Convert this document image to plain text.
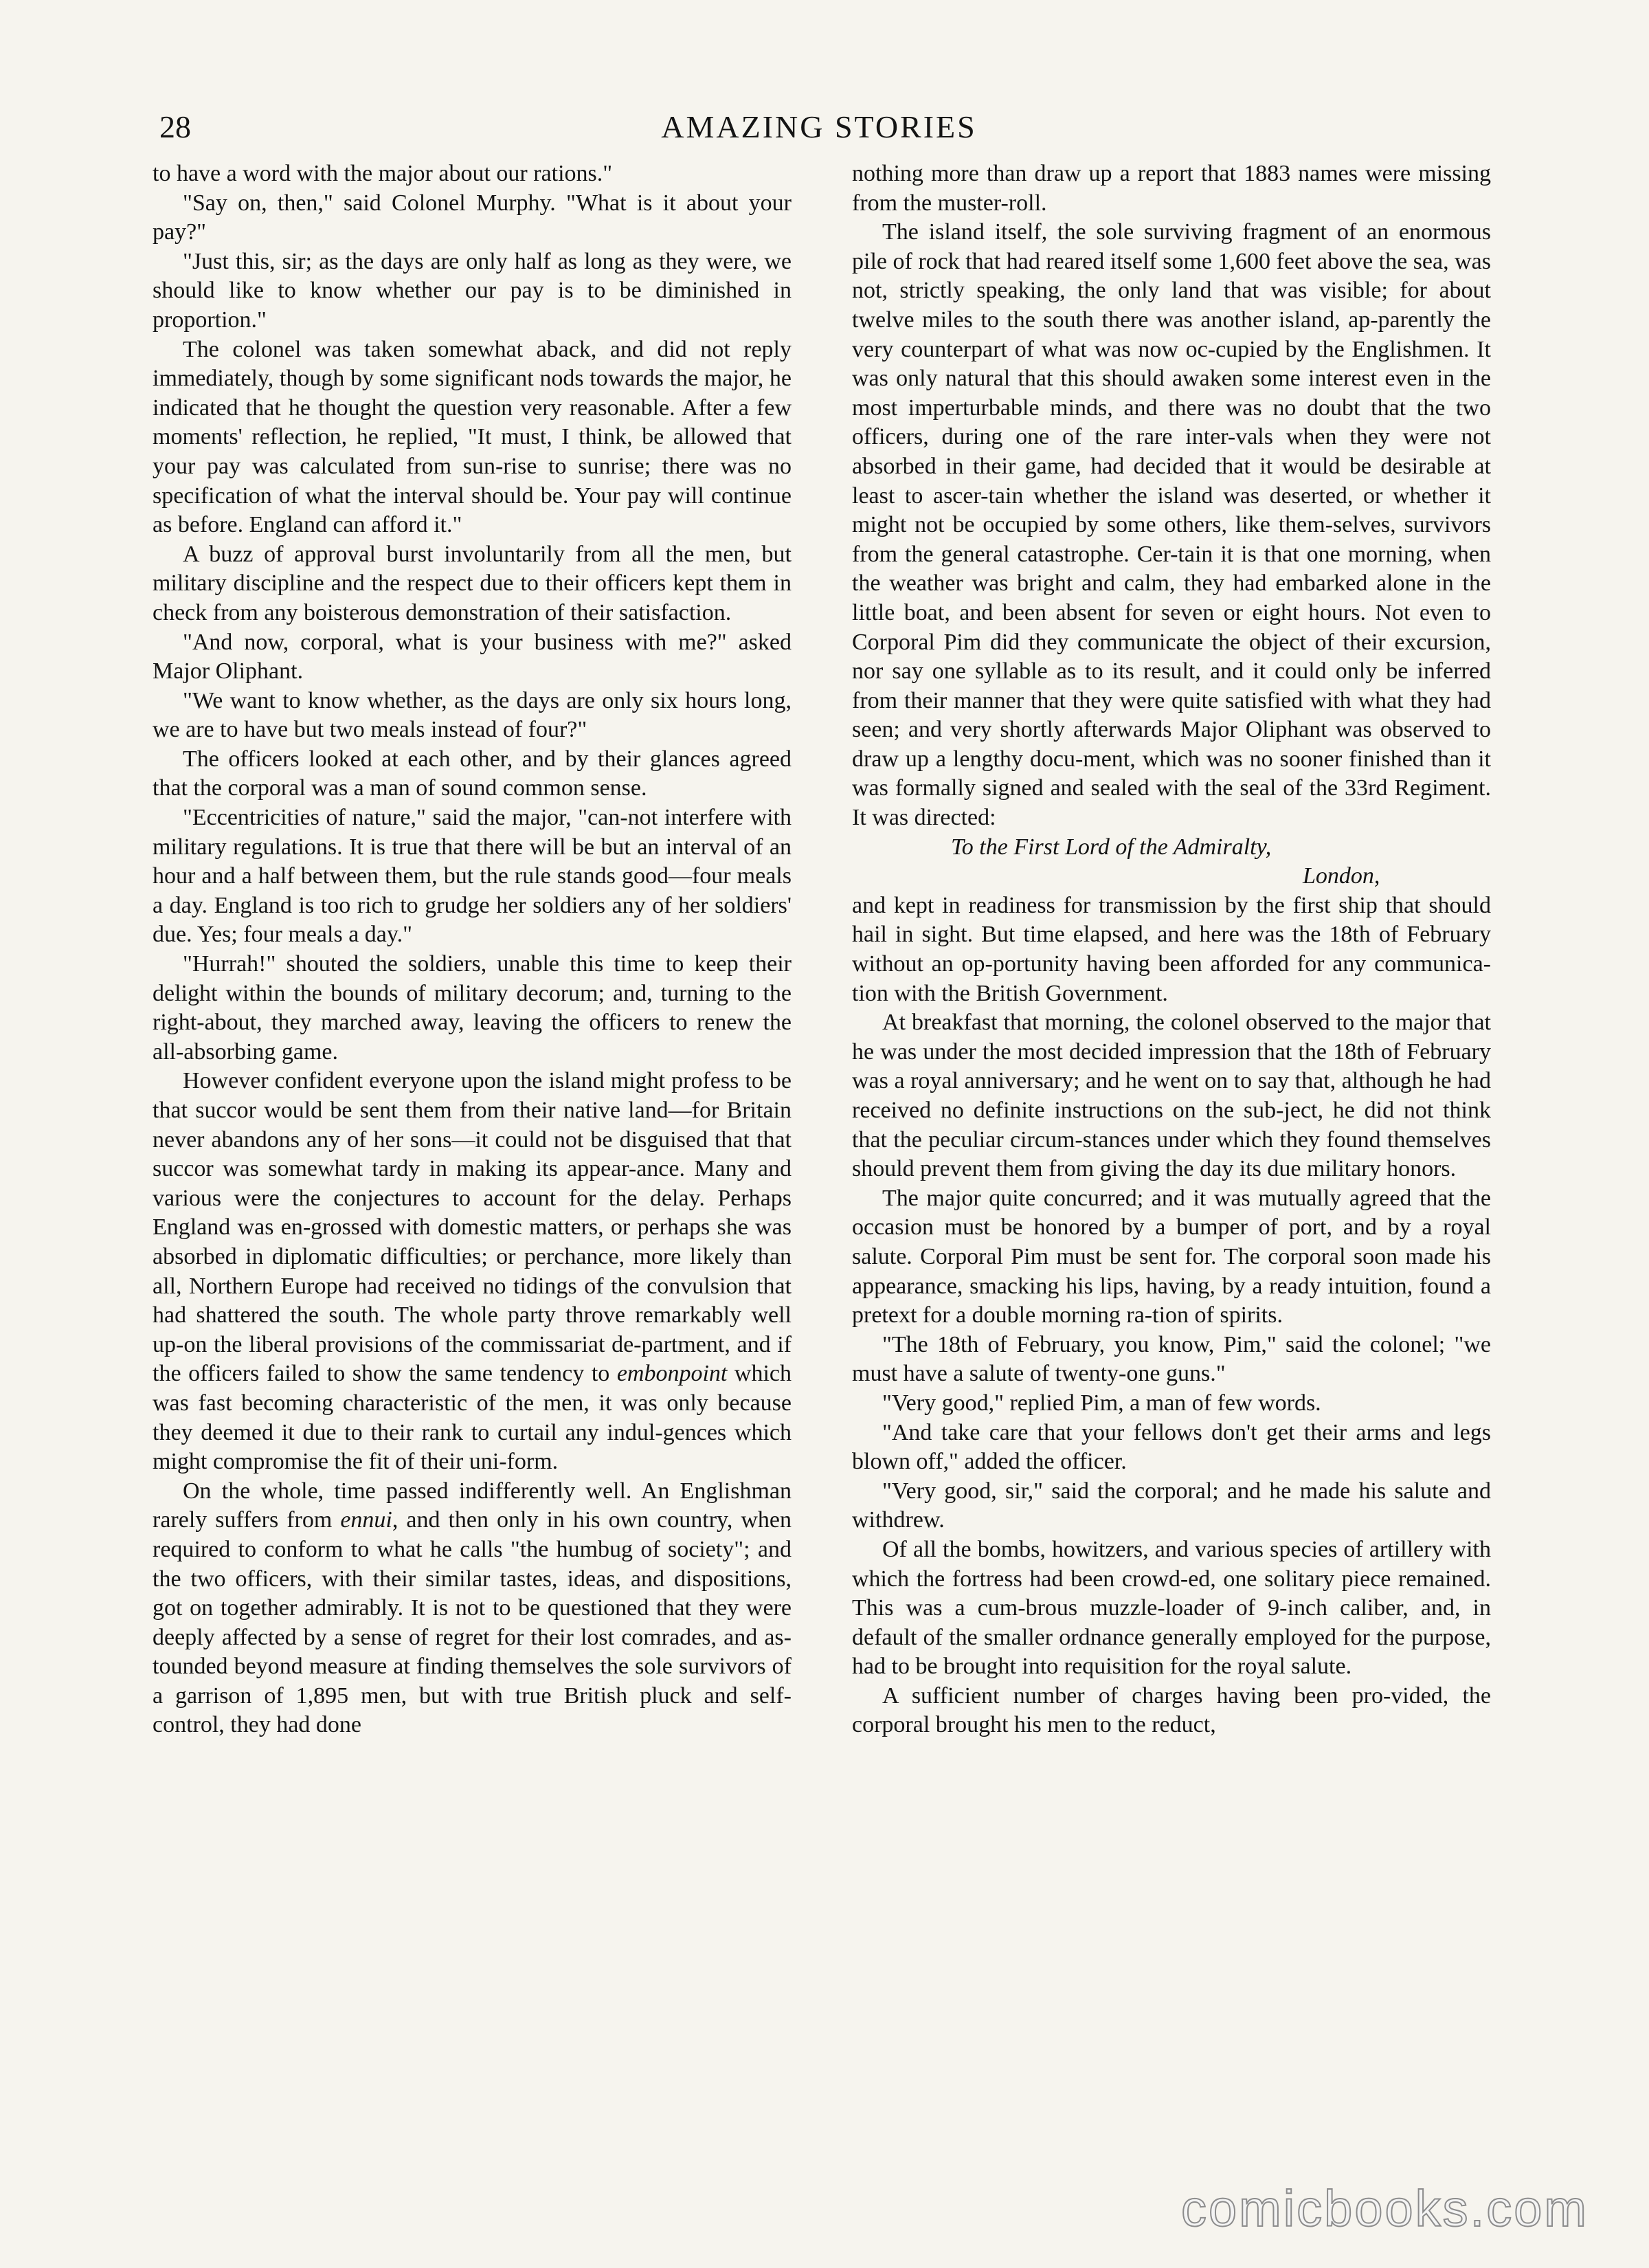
28	AMAZING STORIES

to have a word with the major about our rations."

"Say on, then," said Colonel Murphy. "What is it about your pay?"

"Just this, sir; as the days are only half as long as they were, we should like to know whether our pay is to be diminished in proportion."

The colonel was taken somewhat aback, and did not reply immediately, though by some significant nods towards the major, he indicated that he thought the question very reasonable. After a few moments' reflection, he replied, "It must, I think, be allowed that your pay was calculated from sun-rise to sunrise; there was no specification of what the interval should be. Your pay will continue as before. England can afford it."

A buzz of approval burst involuntarily from all the men, but military discipline and the respect due to their officers kept them in check from any boisterous demonstration of their satisfaction.

"And now, corporal, what is your business with me?" asked Major Oliphant.

"We want to know whether, as the days are only six hours long, we are to have but two meals instead of four?"

The officers looked at each other, and by their glances agreed that the corporal was a man of sound common sense.

"Eccentricities of nature," said the major, "can-not interfere with military regulations. It is true that there will be but an interval of an hour and a half between them, but the rule stands good—four meals a day. England is too rich to grudge her soldiers any of her soldiers' due. Yes; four meals a day."

"Hurrah!" shouted the soldiers, unable this time to keep their delight within the bounds of military decorum; and, turning to the right-about, they marched away, leaving the officers to renew the all-absorbing game.

However confident everyone upon the island might profess to be that succor would be sent them from their native land—for Britain never abandons any of her sons—it could not be disguised that that succor was somewhat tardy in making its appear-ance. Many and various were the conjectures to account for the delay. Perhaps England was en-grossed with domestic matters, or perhaps she was absorbed in diplomatic difficulties; or perchance, more likely than all, Northern Europe had received no tidings of the convulsion that had shattered the south. The whole party throve remarkably well up-on the liberal provisions of the commissariat de-partment, and if the officers failed to show the same tendency to embonpoint which was fast becoming characteristic of the men, it was only because they deemed it due to their rank to curtail any indul-gences which might compromise the fit of their uni-form.

On the whole, time passed indifferently well. An Englishman rarely suffers from ennui, and then only in his own country, when required to conform to what he calls "the humbug of society"; and the two officers, with their similar tastes, ideas, and dispositions, got on together admirably. It is not to be questioned that they were deeply affected by a sense of regret for their lost comrades, and as-tounded beyond measure at finding themselves the sole survivors of a garrison of 1,895 men, but with true British pluck and self-control, they had done

nothing more than draw up a report that 1883 names were missing from the muster-roll.

The island itself, the sole surviving fragment of an enormous pile of rock that had reared itself some 1,600 feet above the sea, was not, strictly speaking, the only land that was visible; for about twelve miles to the south there was another island, ap-parently the very counterpart of what was now oc-cupied by the Englishmen. It was only natural that this should awaken some interest even in the most imperturbable minds, and there was no doubt that the two officers, during one of the rare inter-vals when they were not absorbed in their game, had decided that it would be desirable at least to ascer-tain whether the island was deserted, or whether it might not be occupied by some others, like them-selves, survivors from the general catastrophe. Cer-tain it is that one morning, when the weather was bright and calm, they had embarked alone in the little boat, and been absent for seven or eight hours. Not even to Corporal Pim did they communicate the object of their excursion, nor say one syllable as to its result, and it could only be inferred from their manner that they were quite satisfied with what they had seen; and very shortly afterwards Major Oliphant was observed to draw up a lengthy docu-ment, which was no sooner finished than it was formally signed and sealed with the seal of the 33rd Regiment. It was directed:

To the First Lord of the Admiralty,
London,

and kept in readiness for transmission by the first ship that should hail in sight. But time elapsed, and here was the 18th of February without an op-portunity having been afforded for any communica-tion with the British Government.

At breakfast that morning, the colonel observed to the major that he was under the most decided impression that the 18th of February was a royal anniversary; and he went on to say that, although he had received no definite instructions on the sub-ject, he did not think that the peculiar circum-stances under which they found themselves should prevent them from giving the day its due military honors.

The major quite concurred; and it was mutually agreed that the occasion must be honored by a bumper of port, and by a royal salute. Corporal Pim must be sent for. The corporal soon made his appearance, smacking his lips, having, by a ready intuition, found a pretext for a double morning ra-tion of spirits.

"The 18th of February, you know, Pim," said the colonel; "we must have a salute of twenty-one guns."

"Very good," replied Pim, a man of few words.

"And take care that your fellows don't get their arms and legs blown off," added the officer.

"Very good, sir," said the corporal; and he made his salute and withdrew.

Of all the bombs, howitzers, and various species of artillery with which the fortress had been crowd-ed, one solitary piece remained. This was a cum-brous muzzle-loader of 9-inch caliber, and, in default of the smaller ordnance generally employed for the purpose, had to be brought into requisition for the royal salute.

A sufficient number of charges having been pro-vided, the corporal brought his men to the reduct,

comicbooks.com
